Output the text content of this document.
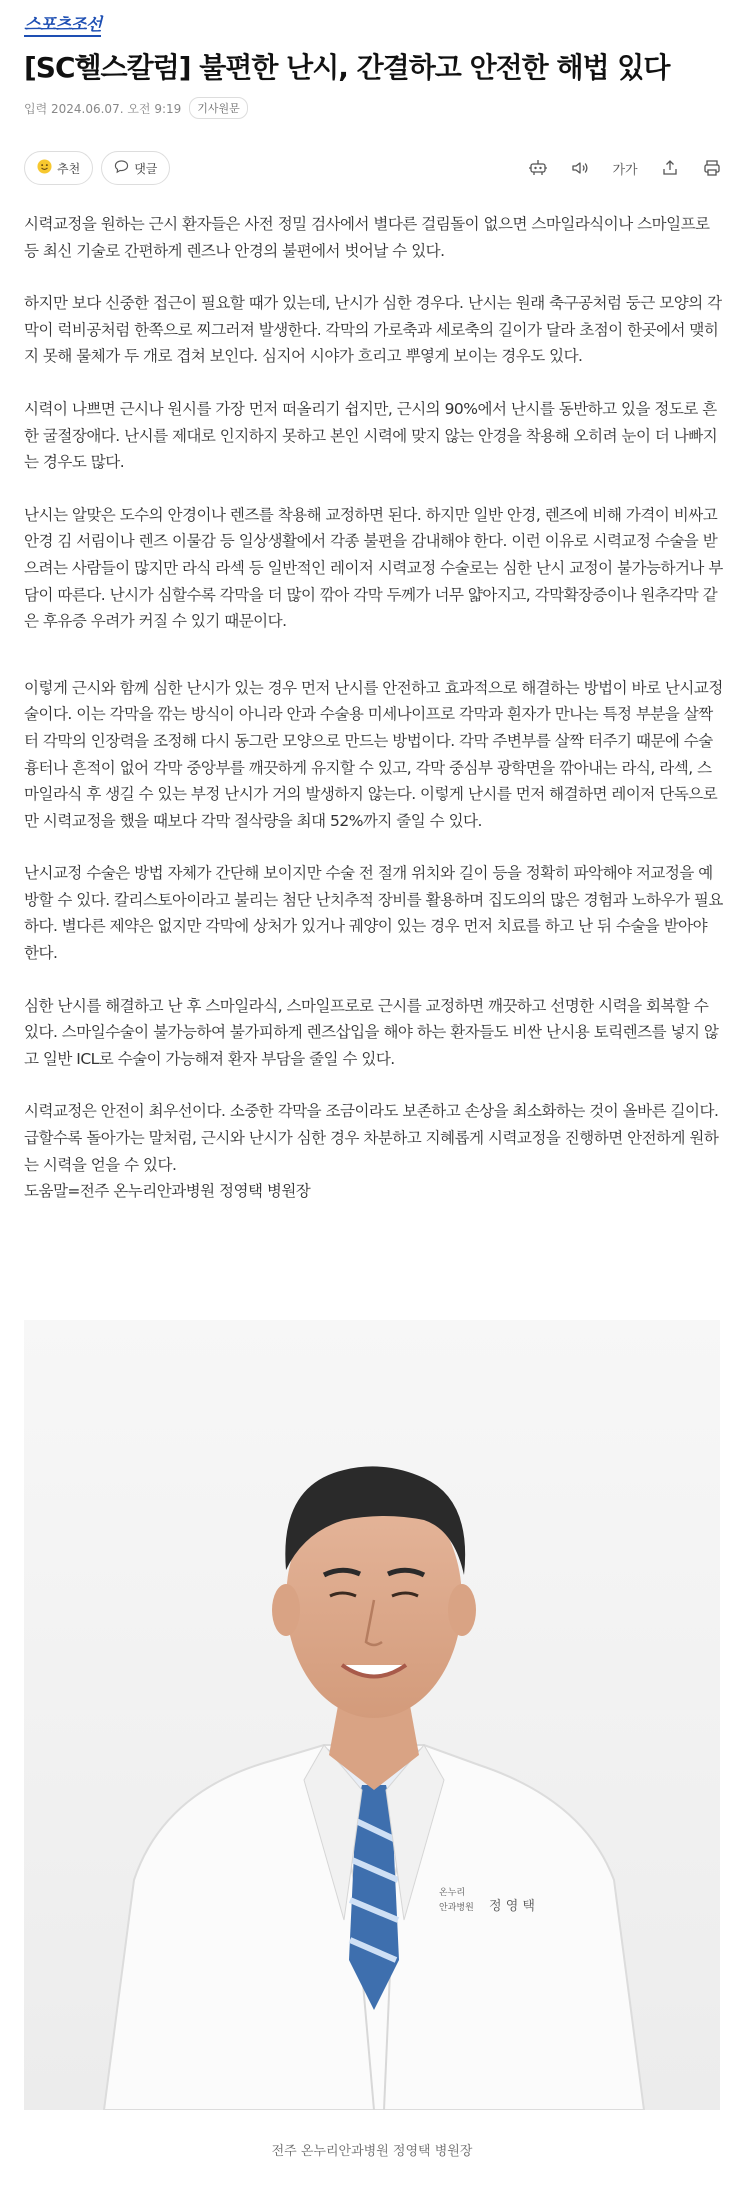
스포츠조선
[SC헬스칼럼] 불편한 난시, 간결하고 안전한 해법 있다
입력 2024.06.07. 오전 9:19	기사원문
추천	댓글	가가

시력교정을 원하는 근시 환자들은 사전 정밀 검사에서 별다른 걸림돌이 없으면 스마일라식이나 스마일프로 등 최신 기술로 간편하게 렌즈나 안경의 불편에서 벗어날 수 있다.

하지만 보다 신중한 접근이 필요할 때가 있는데, 난시가 심한 경우다. 난시는 원래 축구공처럼 둥근 모양의 각막이 럭비공처럼 한쪽으로 찌그러져 발생한다. 각막의 가로축과 세로축의 길이가 달라 초점이 한곳에서 맺히지 못해 물체가 두 개로 겹쳐 보인다. 심지어 시야가 흐리고 뿌옇게 보이는 경우도 있다.

시력이 나쁘면 근시나 원시를 가장 먼저 떠올리기 쉽지만, 근시의 90%에서 난시를 동반하고 있을 정도로 흔한 굴절장애다. 난시를 제대로 인지하지 못하고 본인 시력에 맞지 않는 안경을 착용해 오히려 눈이 더 나빠지는 경우도 많다.

난시는 알맞은 도수의 안경이나 렌즈를 착용해 교정하면 된다. 하지만 일반 안경, 렌즈에 비해 가격이 비싸고 안경 김 서림이나 렌즈 이물감 등 일상생활에서 각종 불편을 감내해야 한다. 이런 이유로 시력교정 수술을 받으려는 사람들이 많지만 라식 라섹 등 일반적인 레이저 시력교정 수술로는 심한 난시 교정이 불가능하거나 부담이 따른다. 난시가 심할수록 각막을 더 많이 깎아 각막 두께가 너무 얇아지고, 각막확장증이나 원추각막 같은 후유증 우려가 커질 수 있기 때문이다.

이렇게 근시와 함께 심한 난시가 있는 경우 먼저 난시를 안전하고 효과적으로 해결하는 방법이 바로 난시교정술이다. 이는 각막을 깎는 방식이 아니라 안과 수술용 미세나이프로 각막과 흰자가 만나는 특정 부분을 살짝 터 각막의 인장력을 조정해 다시 동그란 모양으로 만드는 방법이다. 각막 주변부를 살짝 터주기 때문에 수술 흉터나 흔적이 없어 각막 중앙부를 깨끗하게 유지할 수 있고, 각막 중심부 광학면을 깎아내는 라식, 라섹, 스마일라식 후 생길 수 있는 부정 난시가 거의 발생하지 않는다. 이렇게 난시를 먼저 해결하면 레이저 단독으로만 시력교정을 했을 때보다 각막 절삭량을 최대 52%까지 줄일 수 있다.

난시교정 수술은 방법 자체가 간단해 보이지만 수술 전 절개 위치와 길이 등을 정확히 파악해야 저교정을 예방할 수 있다. 칼리스토아이라고 불리는 첨단 난치추적 장비를 활용하며 집도의의 많은 경험과 노하우가 필요하다. 별다른 제약은 없지만 각막에 상처가 있거나 궤양이 있는 경우 먼저 치료를 하고 난 뒤 수술을 받아야 한다.

심한 난시를 해결하고 난 후 스마일라식, 스마일프로로 근시를 교정하면 깨끗하고 선명한 시력을 회복할 수 있다. 스마일수술이 불가능하여 불가피하게 렌즈삽입을 해야 하는 환자들도 비싼 난시용 토릭렌즈를 넣지 않고 일반 ICL로 수술이 가능해져 환자 부담을 줄일 수 있다.

시력교정은 안전이 최우선이다. 소중한 각막을 조금이라도 보존하고 손상을 최소화하는 것이 올바른 길이다. 급할수록 돌아가는 말처럼, 근시와 난시가 심한 경우 차분하고 지혜롭게 시력교정을 진행하면 안전하게 원하는 시력을 얻을 수 있다.

도움말=전주 온누리안과병원 정영택 병원장

온누리
안과병원 정 영 택
전주 온누리안과병원 정영택 병원장
